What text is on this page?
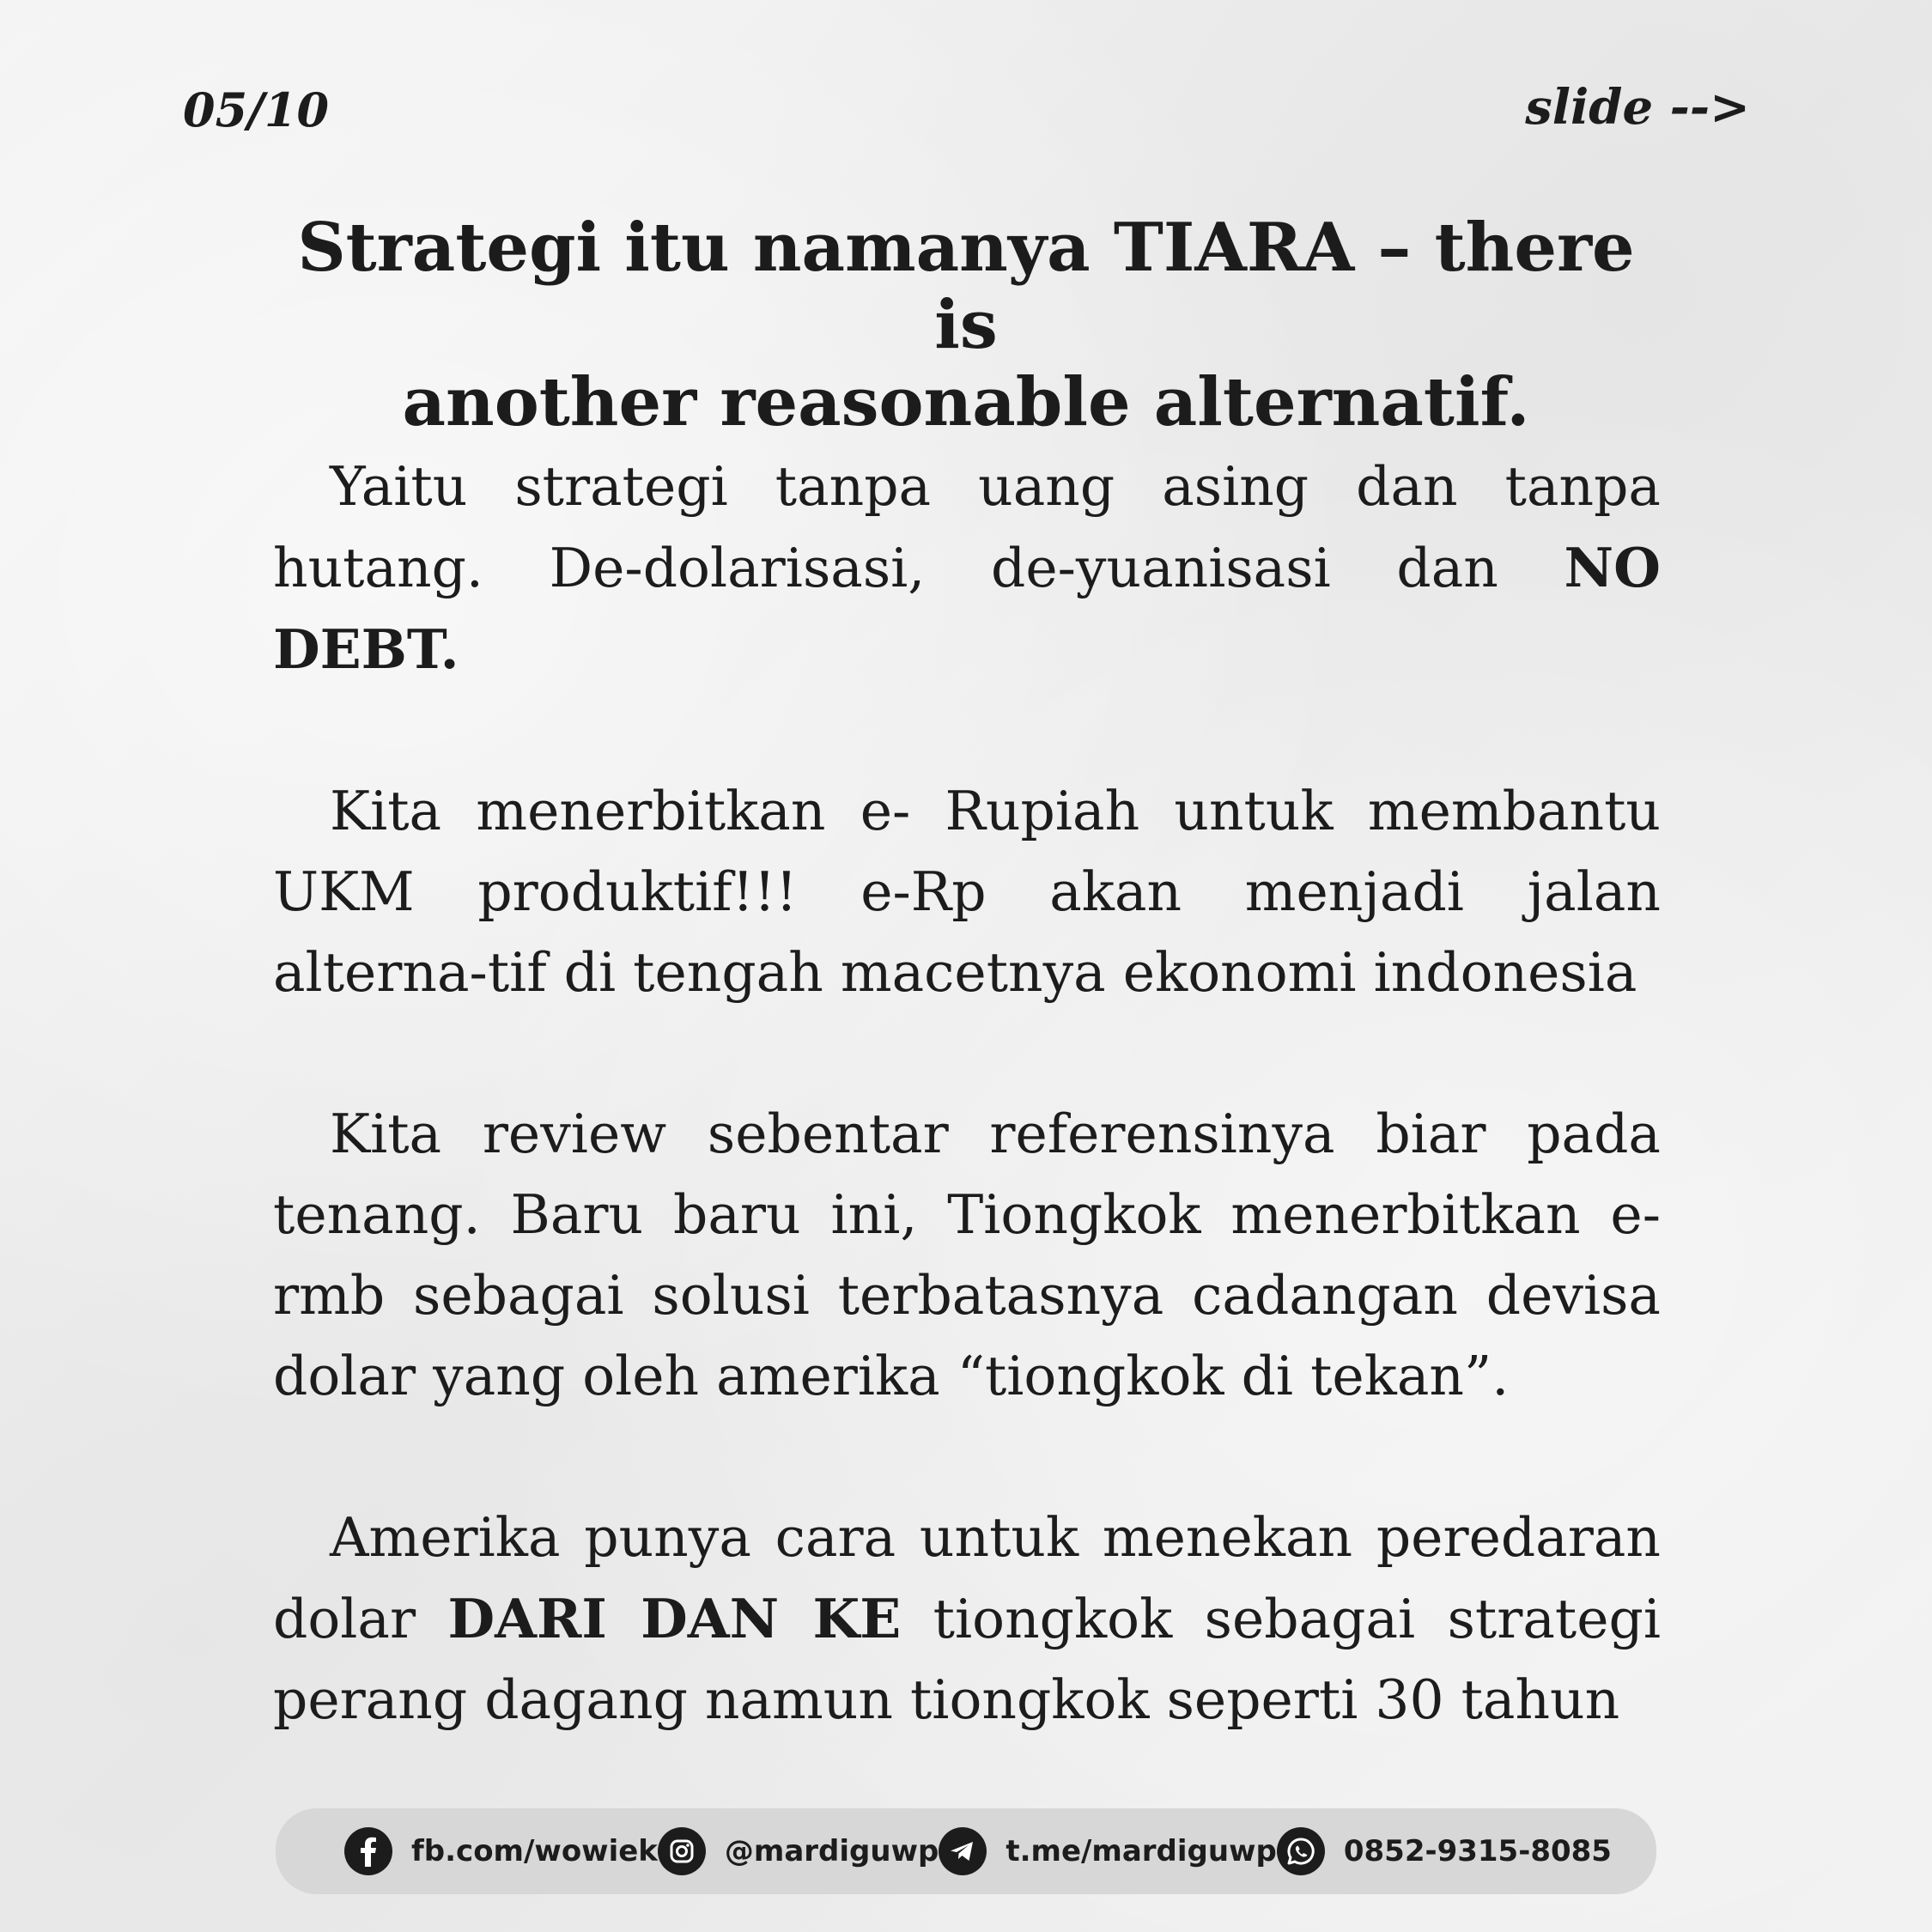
05/10	slide -->
Strategi itu namanya TIARA – there is
another reasonable alternatif.

Yaitu strategi tanpa uang asing dan tanpa hutang. De-dolarisasi, de-yuanisasi dan NO DEBT.

Kita menerbitkan e- Rupiah untuk membantu UKM produktif!!! e-Rp akan menjadi jalan alterna-tif di tengah macetnya ekonomi indonesia

Kita review sebentar referensinya biar pada tenang. Baru baru ini, Tiongkok menerbitkan e-rmb sebagai solusi terbatasnya cadangan devisa dolar yang oleh amerika “tiongkok di tekan”.

Amerika punya cara untuk menekan peredaran dolar DARI DAN KE tiongkok sebagai strategi perang dagang namun tiongkok seperti 30 tahun

fb.com/wowiek @mardiguwp t.me/mardiguwp 0852-9315-8085
